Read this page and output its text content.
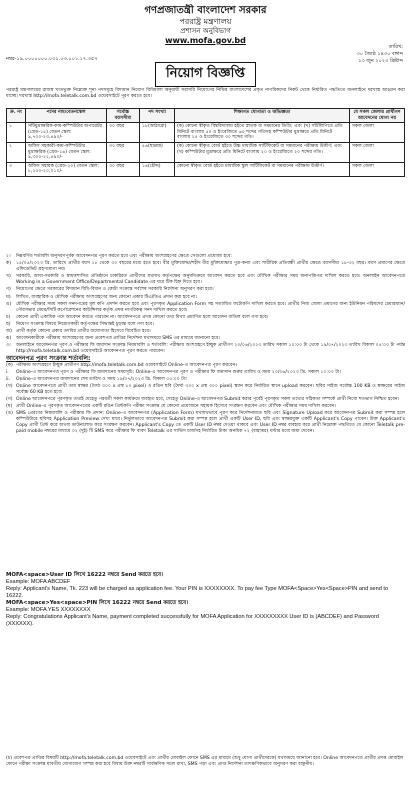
গণপ্রজাতন্ত্রী বাংলাদেশ সরকার
পররাষ্ট্র মন্ত্রণালয়
প্রশাসন অনুবিভাগ
www.mofa.gov.bd
নম্বর-১৯.০০০০০০০.০৩১.০৩.০০১.১৭.৩৫৭
তারিখ:
৩০ জ্যৈষ্ঠ ১৪৩০ বঙ্গাব্দ
১৩ জুন ২০২৩ খ্রিষ্টাব্দ
নিয়োগ বিজ্ঞপ্তি
পররাষ্ট্র মন্ত্রণালয়ের রাজস্ব খাতভুক্ত নিম্নোক্ত শূন্য পদসমূহে বিদ্যমান নিয়োগ বিধিমালা অনুযায়ী সরাসরি নিয়োগের নিমিত্ত বাংলাদেশের প্রকৃত নাগরিকদের নিকট থেকে নির্ধারিত পদ্ধতিতে অনলাইনে দরখাস্ত আহ্বান করা যাচ্ছে। দরখাস্ত http://mofa.teletalk.com.bd ওয়েবসাইটে পূরণ করতে হবে।
ক্র. নং	পদের নাম/বেতনস্কেল	সর্বোচ্চ বয়সসীমা	পদ সংখ্যা	শিক্ষাগত যোগ্যতা ও অভিজ্ঞতা	যে সকল জেলার প্রার্থীগণ আবেদনের যোগ্য নয়
১	সাঁটমুদ্রাক্ষরিক-কাম-কম্পিউটার অপারেটর (গ্রেড-১৫) বেতন স্কেল: ৯,৭০০-২৩,৪৯০/-	৩০ বছর	১৮(আঠারো)	(ক) কোনো স্বীকৃত বিশ্ববিদ্যালয় হইতে স্নাতক বা সমমানের ডিগ্রি; এবং (খ) সাঁটলিপিতে প্রতি মিনিটে বাংলায় ৫০ ও ইংরেজিতে ৬০ শব্দের গতিসহ কম্পিউটার মুদ্রাক্ষরে প্রতি মিনিটে বাংলায় ২৫ ও ইংরেজিতে ৩০ শব্দের গতি।	সকল জেলা
২	অফিস সহকারী-কাম-কম্পিউটার মুদ্রাক্ষরিক (গ্রেড-১৬) বেতন স্কেল: ৯,৩০০-২২,৪৯০/-	৩০ বছর	৫৬(ছাপ্পান্ন)	(ক) কোনো স্বীকৃত বোর্ড হইতে উচ্চ মাধ্যমিক সার্টিফিকেট বা সমমানের পরীক্ষায় উত্তীর্ণ; এবং (খ) কম্পিউটার মুদ্রাক্ষরে প্রতি মিনিটে বাংলায় ২০ ও ইংরেজিতে ২০ শব্দের গতি।	সকল জেলা
৩	অফিস সহায়ক (গ্রেড-২০) বেতন স্কেল: ৮,২৫০-২০,০১০/-	৩০ বছর	১৪(চৌদ্দ)	কোনো স্বীকৃত বোর্ড হইতে মাধ্যমিক স্কুল সার্টিফিকেট বা সমমানের পরীক্ষায় উত্তীর্ণ।	সকল জেলা
২।	নিম্নবর্ণিত শর্তাবলি অনুসরণপূর্বক আবেদনপত্র পূরণ করতে হবে এবং পরীক্ষায় অংশগ্রহণের ক্ষেত্রে সেগুলো প্রযোজ্য হবে:
ক)	১৫/০৫/২০২৩ খ্রি. তারিখে প্রার্থীর বয়স ১৮ থেকে ৩০ বছরের মধ্যে হতে হবে। বীর মুক্তিযোদ্ধা/শহীদ বীর মুক্তিযোদ্ধার পুত্র-কন্যা এবং শারীরিক প্রতিবন্ধী প্রার্থীর ক্ষেত্রে বয়সসীমা ১৮-৩২ বছর। বয়স প্রমাণের ক্ষেত্রে এফিডেভিট গ্রহণযোগ্য নয়।
খ)	সরকারি, আধা-সরকারি ও স্বায়ত্তশাসিত প্রতিষ্ঠানে চাকরিরত প্রার্থীদের যথাযথ কর্তৃপক্ষের অনুমতিক্রমে আবেদন করতে হবে এবং মৌখিক পরীক্ষার সময় অনাপত্তিপত্র দাখিল করতে হবে। অনলাইন আবেদনপত্রে Working in a Government Office/Departmental Candidate এর ঘরে টিক চিহ্ন দিতে হবে।
গ)	নিয়োগের ক্ষেত্রে সরকারের বিদ্যমান বিধি-বিধান ও কোটা সংক্রান্ত সর্বশেষ সরকারি নির্দেশনা অনুসরণ করা হবে।
ঘ)	লিখিত, ব্যবহারিক ও মৌখিক পরীক্ষায় অংশগ্রহণের জন্য কোনো প্রকার টিএ/ডিএ প্রদান করা হবে না।
ঙ)	মৌখিক পরীক্ষার সময় সকল সনদপত্রের মূল কপি প্রদর্শন করতে হবে এবং পূরণকৃত Application Form সহ সত্যায়িত ফটোকপি দাখিল করতে হবে। প্রার্থীর নিজ জেলা প্রমাণের জন্য ইউনিয়ন পরিষদের চেয়ারম্যান/পৌরসভার মেয়র/সিটি কর্পোরেশনের কাউন্সিলর কর্তৃক প্রদত্ত নাগরিকত্ব সনদ দাখিল করতে হবে।
চ)	কোনো প্রার্থী একাধিক পদে আবেদন করতে পারবেন না। আবেদনপত্রে প্রদত্ত কোনো তথ্য মিথ্যা প্রমাণিত হলে আবেদন বাতিল বলে গণ্য হবে।
ছ)	নিয়োগ সংক্রান্ত বিষয়ে নিয়োগকারী কর্তৃপক্ষের সিদ্ধান্তই চূড়ান্ত বলে গণ্য হবে।
জ) প্রার্থী কর্তৃক কোনো প্রকার তদবির প্রার্থীর অযোগ্যতা হিসেবে বিবেচিত হবে।
ঝ)	আবেদনকারীকে পরীক্ষায় অংশগ্রহণের জন্য প্রবেশপত্র প্রাপ্তির নির্দেশনা যথাসময়ে SMS এর মাধ্যমে জানানো হবে।
৩।	অনলাইনে আবেদনপত্র পূরণ ও পরীক্ষার ফি জমাদান সংক্রান্ত নিয়মাবলি ও শর্তাবলি: পরীক্ষায় অংশগ্রহণে ইচ্ছুক প্রার্থীগণ ২০/০৬/২০২৩ তারিখ সকাল ১০:০০ টা থেকে ১৯/০৭/২০২৩ তারিখ বিকাল ০৫:০০ টা পর্যন্ত http://mofa.teletalk.com.bd ওয়েবসাইটে আবেদনপত্র পূরণ করতে পারবেন।
আবেদনপত্র পূরণ সংক্রান্ত শর্তাবলি:
(ক) পরীক্ষায় অংশগ্রহণে ইচ্ছুক প্রার্থীগণ http://mofa.teletalk.com.bd ওয়েবসাইটে Online-এ আবেদনপত্র পূরণ করবেন।
i.	Online-এ আবেদনপত্র পূরণ ও পরীক্ষার ফি জমাদানের সময়সূচি: Online-এ আবেদনপত্র পূরণ ও পরীক্ষার ফি জমাদান শুরুর তারিখ ও সময় ২০/০৬/২০২৩ খ্রি. সকাল ১০:০০ টা।
ii.	Online-এ আবেদনপত্র জমাদানের শেষ তারিখ ও সময় ১৯/০৭/২০২৩ খ্রি. বিকাল ০৫:০০ টা।
(খ) Online আবেদনপত্রে প্রার্থী তার স্বাক্ষর (দৈর্ঘ্য ৩০০ x প্রস্থ ৮০ pixel) ও রঙিন ছবি (দৈর্ঘ্য ৩০০ x প্রস্থ ৩০০ pixel) স্ক্যান করে নির্ধারিত স্থানে upload করবেন। ছবির সাইজ সর্বোচ্চ 100 KB ও স্বাক্ষরের সাইজ সর্বোচ্চ 60 KB হতে হবে।
(গ) Online আবেদনপত্রে পূরণকৃত তথ্যই যেহেতু পরবর্তী সকল কার্যক্রমে ব্যবহৃত হবে, সেহেতু Online-এ আবেদনপত্র Submit করার পূর্বেই পূরণকৃত সকল তথ্যের সঠিকতা সম্পর্কে প্রার্থী নিজে শতভাগ নিশ্চিত হবেন।
(ঘ) প্রার্থী Online-এ পূরণকৃত আবেদনপত্রের একটি রঙিন প্রিন্টকপি পরীক্ষা সংক্রান্ত যে কোনো প্রয়োজনে সহায়ক হিসেবে সংরক্ষণ করবেন এবং মৌখিক পরীক্ষার সময় দাখিল করবেন।
(ঙ) SMS প্রেরণের নিয়মাবলি ও পরীক্ষার ফি প্রদান: Online-এ আবেদনপত্র (Application Form) যথাযথভাবে পূরণ করে নির্দেশনামতে ছবি এবং Signature Upload করে আবেদনপত্র Submit করা সম্পন্ন হলে কম্পিউটারে ছবিসহ Application Preview দেখা যাবে। নির্ভুলভাবে আবেদনপত্র Submit করা সম্পন্ন হলে প্রার্থী একটি User ID, ছবি এবং স্বাক্ষরযুক্ত একটি Applicant's Copy পাবেন। উক্ত Applicant's Copy প্রার্থী প্রিন্ট করে অথবা ডাউনলোড করে সংরক্ষণ করবেন। Applicant's Copy তে একটি User ID নম্বর দেওয়া থাকবে এবং User ID নম্বর ব্যবহার করে প্রার্থী নিম্নোক্ত পদ্ধতিতে যে কোনো Teletalk pre-paid mobile নম্বরের মাধ্যমে ০২ (দুই) টি SMS করে পরীক্ষার ফি বাবদ Teletalk এর সার্ভিস চার্জসহ নির্ধারিত টাকা অনধিক ৭২ (বাহাত্তর) ঘণ্টার মধ্যে জমা দেবেন।
MOFA<space>User ID লিখে 16222 নম্বরে Send করতে হবে।
Example: MOFA ABCDEF
Reply: Applicant's Name, Tk. 223 will be charged as application fee. Your PIN is XXXXXXXX. To pay fee Type MOFA<Space>Yes<Space>PIN and send to 16222.
MOFA<space>Yes<space>PIN লিখে 16222 নম্বরে Send করতে হবে।
Example: MOFA YES XXXXXXXX
Reply: Congratulations Applicant's Name, payment completed successfully for MOFA Application for XXXXXXXXX User ID is (ABCDEF) and Password (XXXXXX).
(চ) প্রবেশপত্র প্রাপ্তির বিষয়টি http://mofa.teletalk.com.bd ওয়েবসাইটে এবং প্রার্থীর মোবাইল ফোনে SMS এর মাধ্যমে (শুধু যোগ্য প্রার্থীদেরকে) যথাসময়ে জানানো হবে। Online আবেদনপত্রে প্রার্থীর প্রদত্ত মোবাইল ফোনে পরীক্ষা সংক্রান্ত যাবতীয় যোগাযোগ সম্পন্ন করা হবে বিধায় উক্ত নম্বরটি সার্বক্ষণিক সচল রাখা, SMS পড়া এবং প্রাপ্ত নির্দেশনা তাৎক্ষণিকভাবে অনুসরণ করা বাঞ্ছনীয়।
